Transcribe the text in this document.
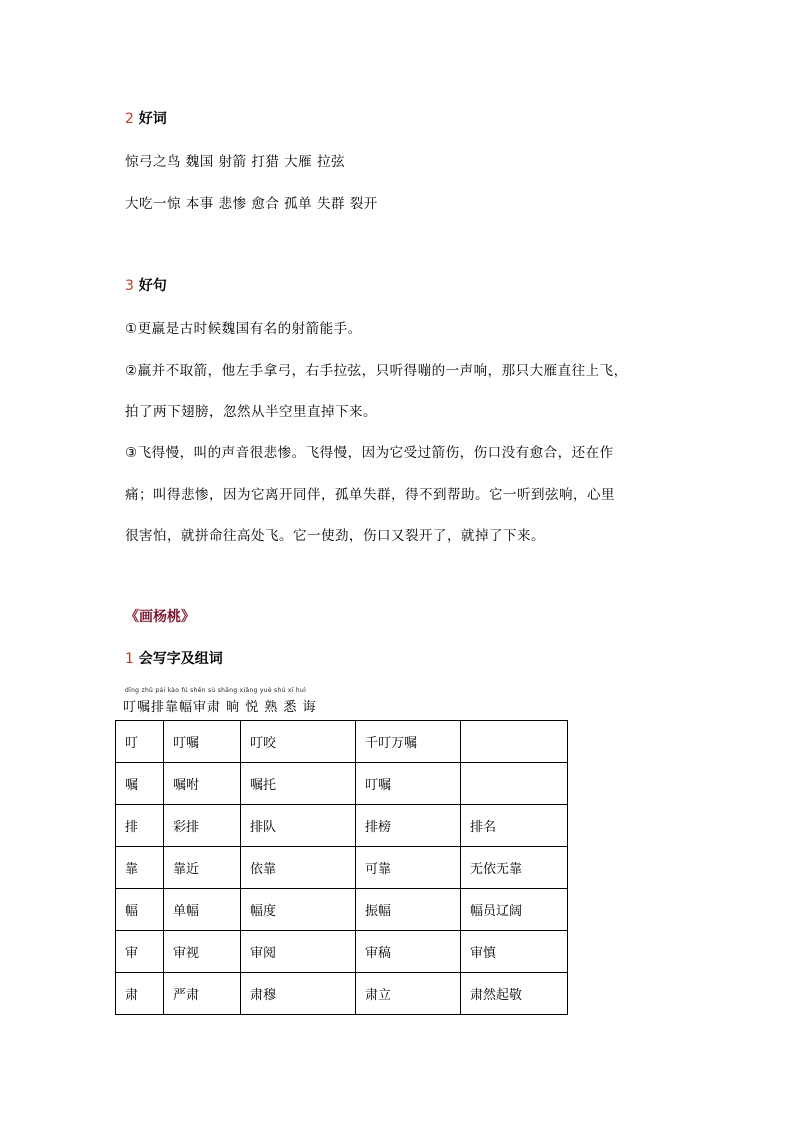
2 好词
惊弓之鸟 魏国 射箭 打猎 大雁 拉弦
大吃一惊 本事 悲惨 愈合 孤单 失群 裂开
3 好句
①更羸是古时候魏国有名的射箭能手。
②羸并不取箭，他左手拿弓，右手拉弦，只听得嘣的一声响，那只大雁直往上飞，
拍了两下翅膀，忽然从半空里直掉下来。
③飞得慢，叫的声音很悲惨。飞得慢，因为它受过箭伤，伤口没有愈合，还在作
痛；叫得悲惨，因为它离开同伴，孤单失群，得不到帮助。它一听到弦响，心里
很害怕，就拼命往高处飞。它一使劲，伤口又裂开了，就掉了下来。
《画杨桃》
1 会写字及组词
dīng zhǔ pái kào fú shěn sù shāng xiǎng yuè shú xī huì
叮嘱排靠幅审肃 晌 悦 熟 悉 诲
叮	叮嘱	叮咬	千叮万嘱	
嘱	嘱咐	嘱托	叮嘱	
排	彩排	排队	排榜	排名
靠	靠近	依靠	可靠	无依无靠
幅	单幅	幅度	振幅	幅员辽阔
审	审视	审阅	审稿	审慎
肃	严肃	肃穆	肃立	肃然起敬
